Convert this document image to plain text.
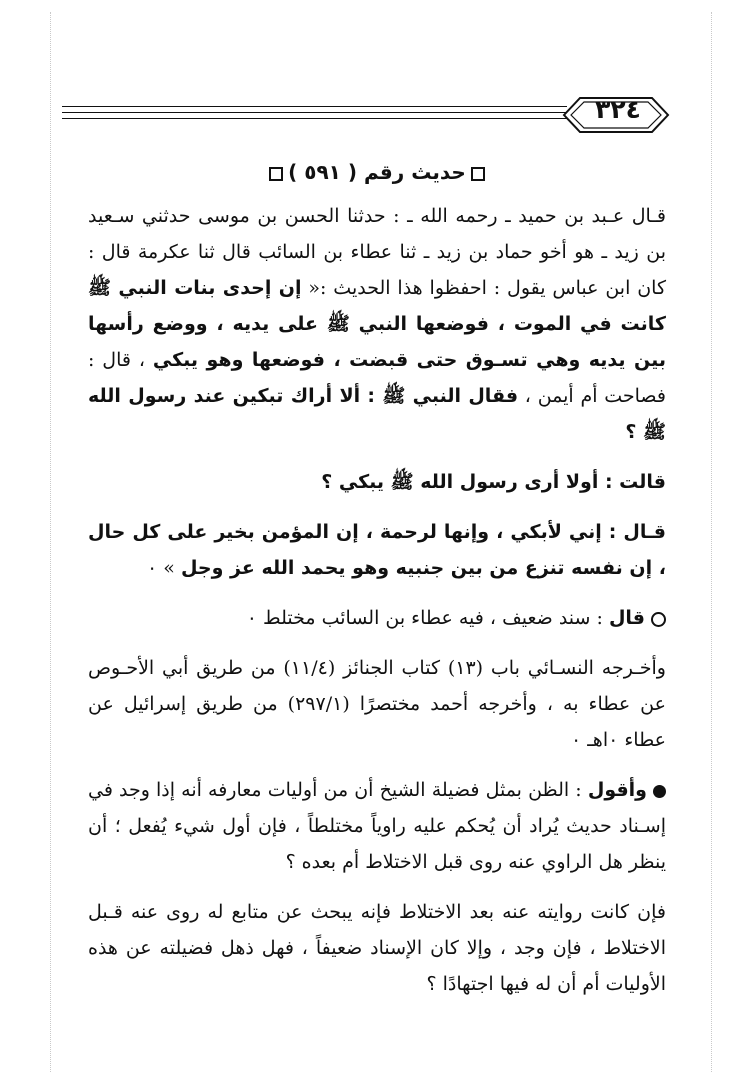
٣٢٤
حديث رقم ( ٥٩١ )

قـال عـبد بن حميد ـ رحمه الله ـ : حدثنا الحسن بن موسى حدثني سـعيد بن زيد ـ هو أخو حماد بن زيد ـ ثنا عطاء بن السائب قال ثنا عكرمة قال : كان ابن عباس يقول : احفظوا هذا الحديث :« إن إحدى بنات النبي ﷺ كانت في الموت ، فوضعها النبي ﷺ على يديه ، ووضع رأسها بين يديه وهي تسـوق حتى قبضت ، فوضعها وهو يبكي ، قال : فصاحت أم أيمن ، فقال النبي ﷺ : ألا أراك تبكين عند رسول الله ﷺ ؟

قالت : أولا أرى رسول الله ﷺ يبكي ؟

قـال : إني لأبكي ، وإنها لرحمة ، إن المؤمن بخير على كل حال ، إن نفسه تنزع من بين جنبيه وهو يحمد الله عز وجل » ٠

قال : سند ضعيف ، فيه عطاء بن السائب مختلط ٠

وأخـرجه النسـائي باب (١٣) كتاب الجنائز (١١/٤) من طريق أبي الأحـوص عن عطاء به ، وأخرجه أحمد مختصرًا (٢٩٧/١) من طريق إسرائيل عن عطاء ٠اهـ ٠

وأقول : الظن بمثل فضيلة الشيخ أن من أوليات معارفه أنه إذا وجد في إسـناد حديث يُراد أن يُحكم عليه راوياً مختلطاً ، فإن أول شيء يُفعل ؛ أن ينظر هل الراوي عنه روى قبل الاختلاط أم بعده ؟

فإن كانت روايته عنه بعد الاختلاط فإنه يبحث عن متابع له روى عنه قـبل الاختلاط ، فإن وجد ، وإلا كان الإسناد ضعيفاً ، فهل ذهل فضيلته عن هذه الأوليات أم أن له فيها اجتهادًا ؟
